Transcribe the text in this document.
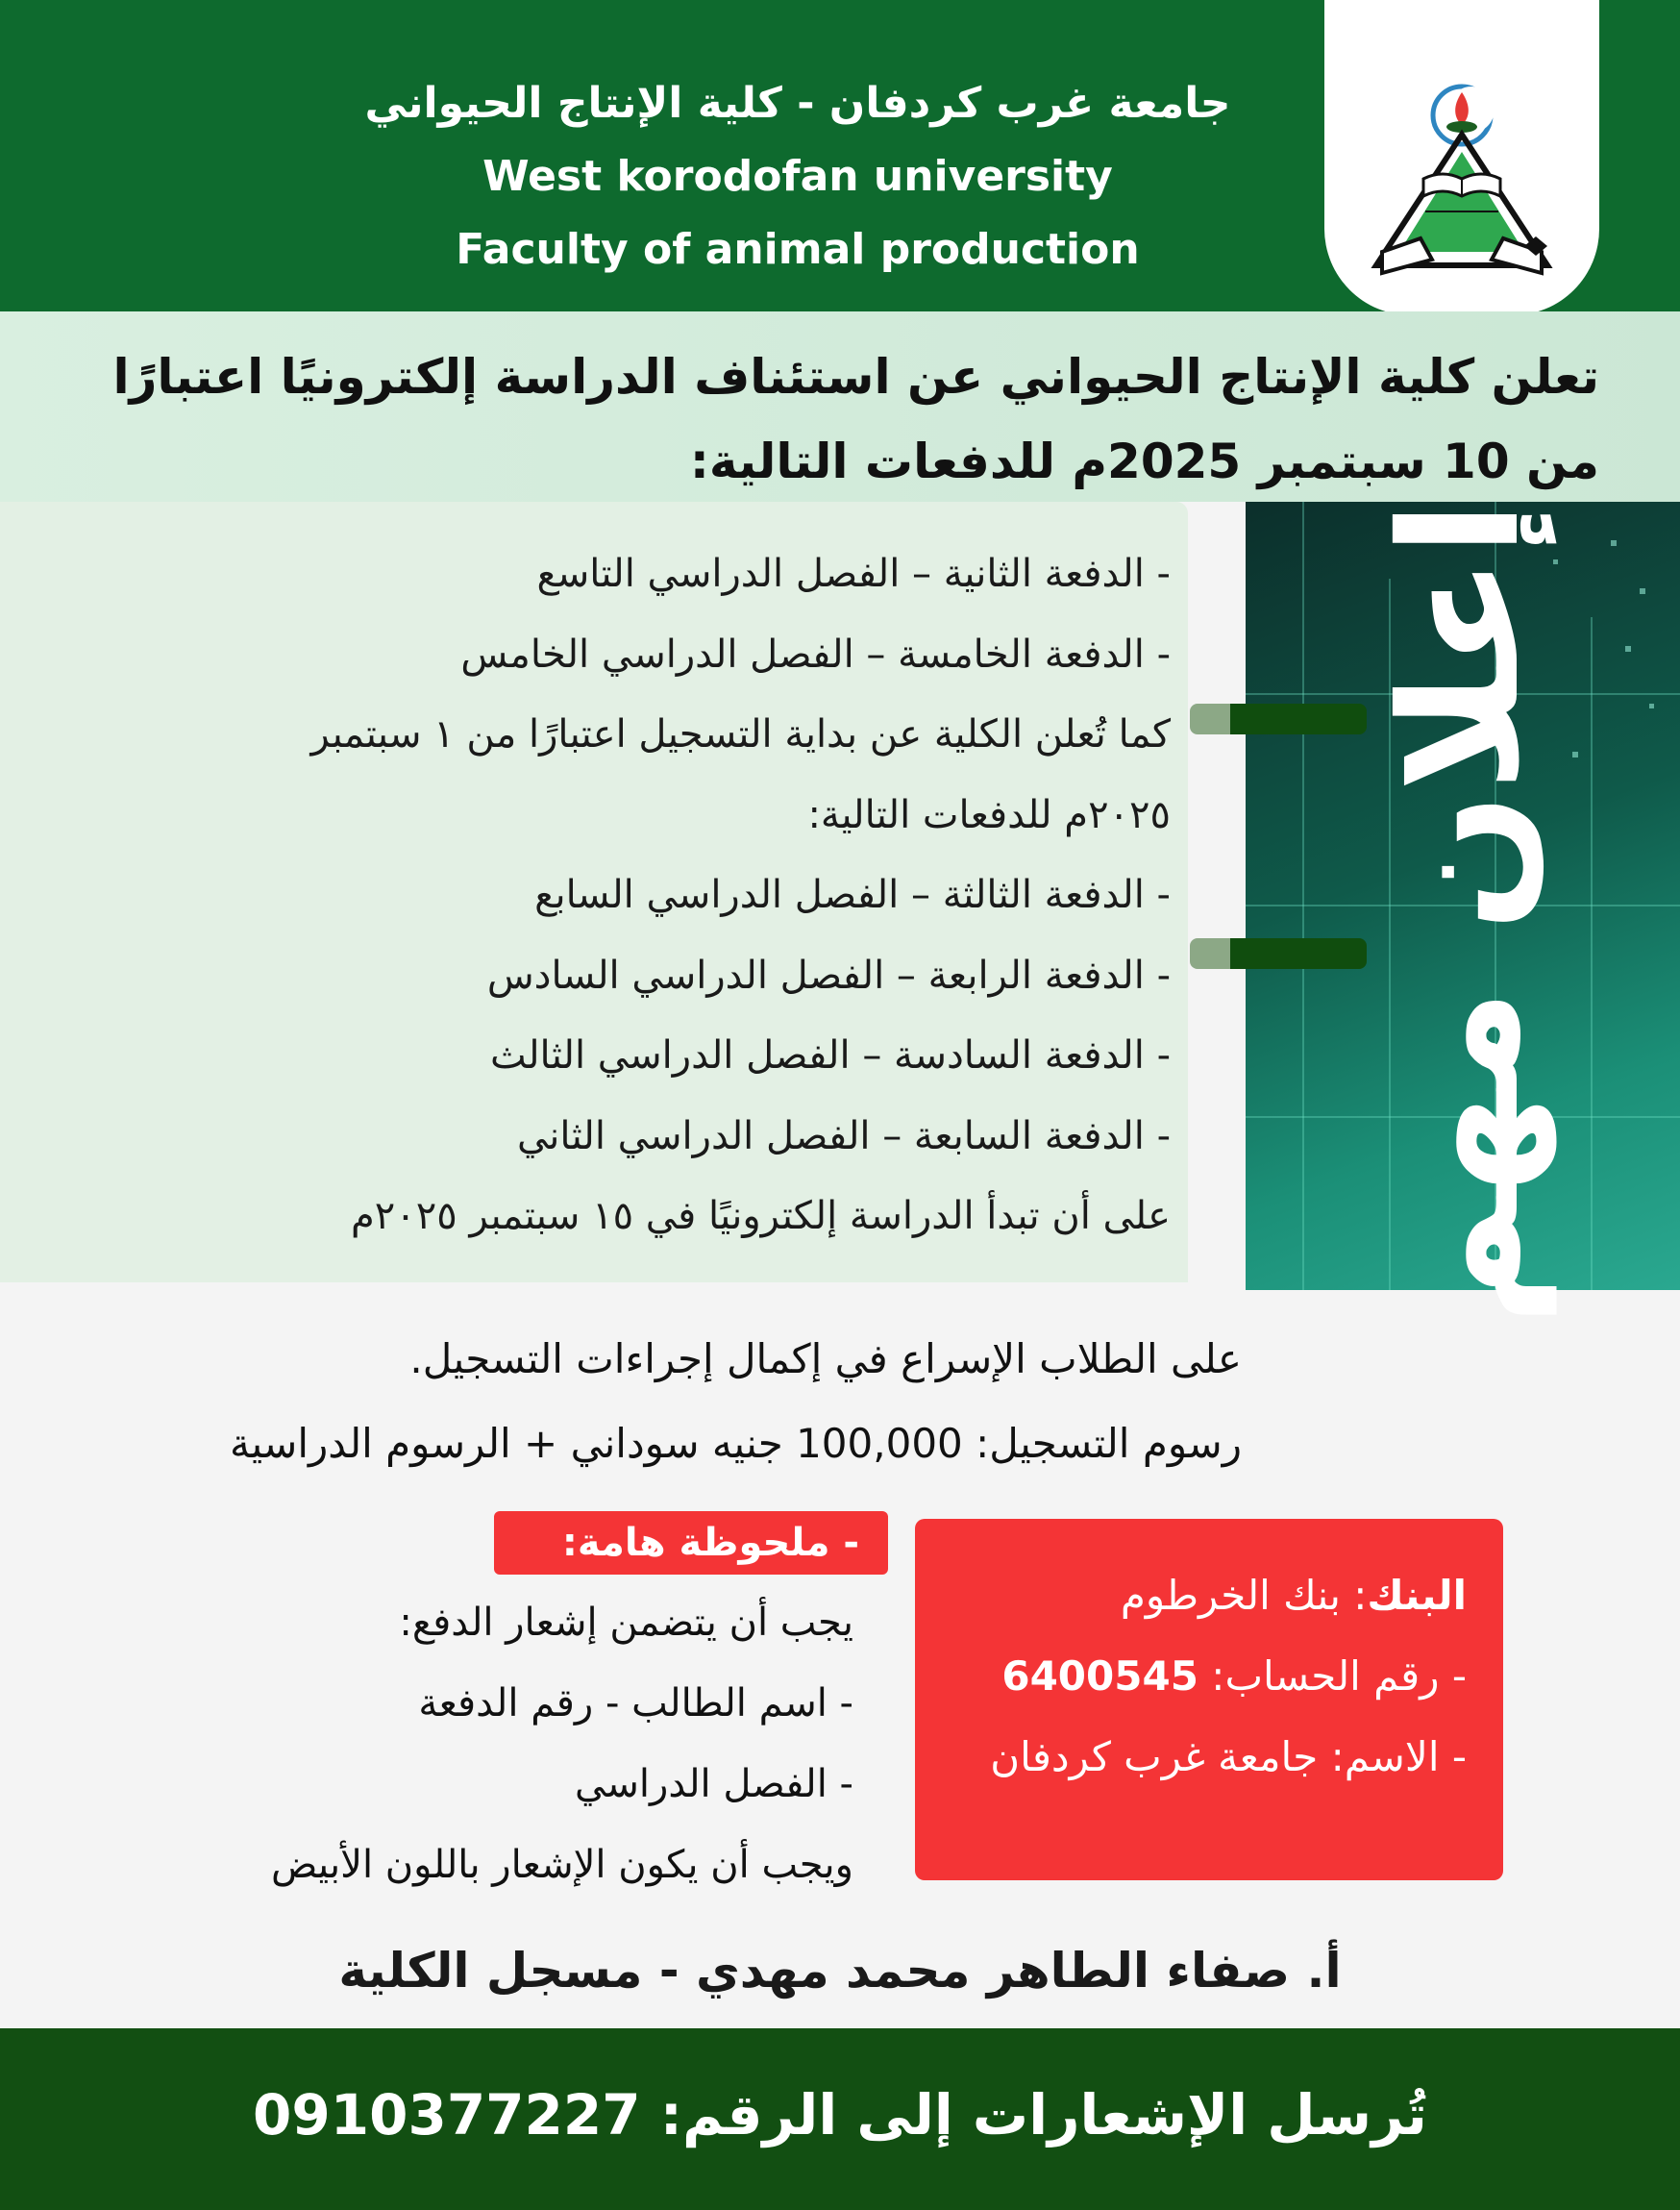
جامعة غرب كردفان - كلية الإنتاج الحيواني
West korodofan university
Faculty of animal production
تعلن كلية الإنتاج الحيواني عن استئناف الدراسة إلكترونيًا اعتبارًا
من 10 سبتمبر 2025م للدفعات التالية:
- الدفعة الثانية – الفصل الدراسي التاسع
- الدفعة الخامسة – الفصل الدراسي الخامس
كما تُعلن الكلية عن بداية التسجيل اعتبارًا من ١ سبتمبر
٢٠٢٥م للدفعات التالية:
- الدفعة الثالثة – الفصل الدراسي السابع
- الدفعة الرابعة – الفصل الدراسي السادس
- الدفعة السادسة – الفصل الدراسي الثالث
- الدفعة السابعة – الفصل الدراسي الثاني
على أن تبدأ الدراسة إلكترونيًا في ١٥ سبتمبر ٢٠٢٥م إعلان مهم
على الطلاب الإسراع في إكمال إجراءات التسجيل.
رسوم التسجيل: 100,000 جنيه سوداني + الرسوم الدراسية
- ملحوظة هامة:
يجب أن يتضمن إشعار الدفع:
- اسم الطالب - رقم الدفعة
- الفصل الدراسي
ويجب أن يكون الإشعار باللون الأبيض
البنك: بنك الخرطوم
- رقم الحساب: 6400545
- الاسم: جامعة غرب كردفان
أ. صفاء الطاهر محمد مهدي - مسجل الكلية
تُرسل الإشعارات إلى الرقم: 0910377227
